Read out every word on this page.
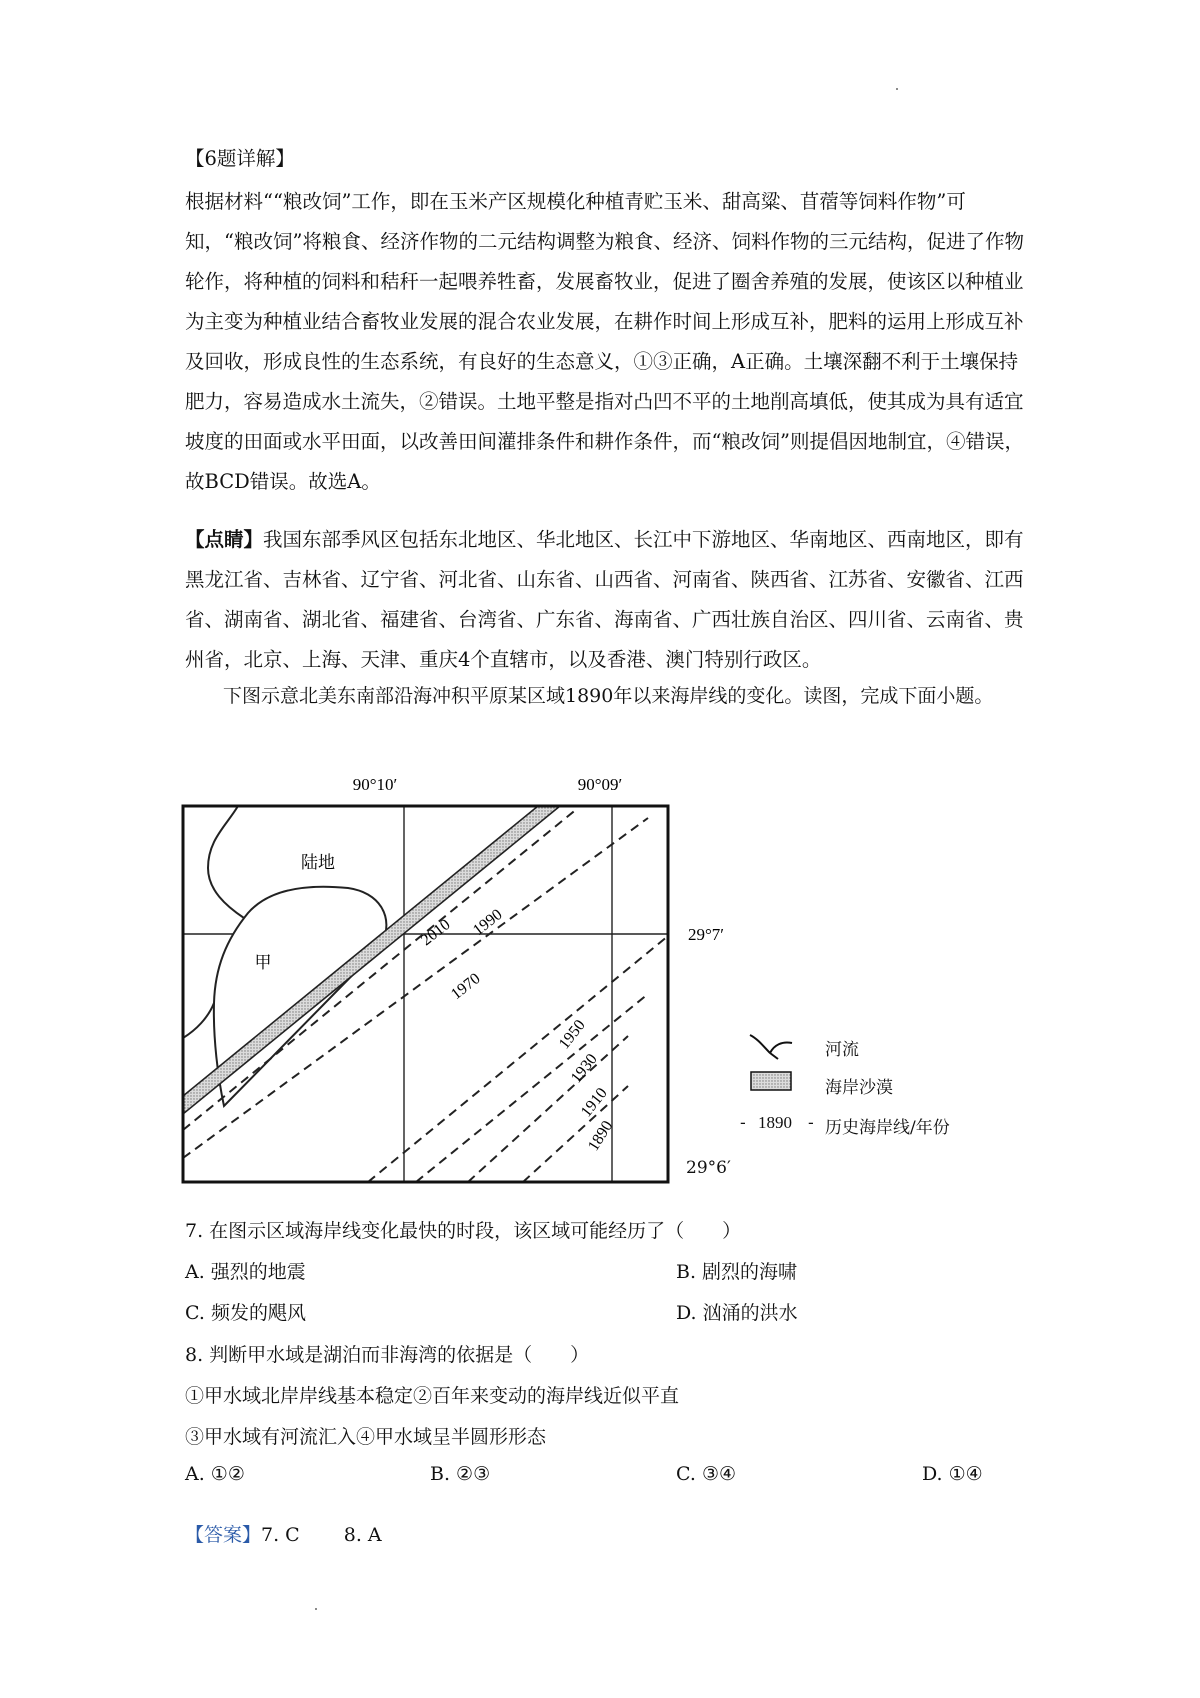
【6题详解】
根据材料““粮改饲”工作，即在玉米产区规模化种植青贮玉米、甜高粱、苜蓿等饲料作物”可知，“粮改饲”将粮食、经济作物的二元结构调整为粮食、经济、饲料作物的三元结构，促进了作物轮作，将种植的饲料和秸秆一起喂养牲畜，发展畜牧业，促进了圈舍养殖的发展，使该区以种植业为主变为种植业结合畜牧业发展的混合农业发展，在耕作时间上形成互补，肥料的运用上形成互补及回收，形成良性的生态系统，有良好的生态意义，①③正确，A正确。土壤深翻不利于土壤保持肥力，容易造成水土流失，②错误。土地平整是指对凸凹不平的土地削高填低，使其成为具有适宜坡度的田面或水平田面，以改善田间灌排条件和耕作条件，而“粮改饲”则提倡因地制宜，④错误，故BCD错误。故选A。
【点睛】我国东部季风区包括东北地区、华北地区、长江中下游地区、华南地区、西南地区，即有黑龙江省、吉林省、辽宁省、河北省、山东省、山西省、河南省、陕西省、江苏省、安徽省、江西省、湖南省、湖北省、福建省、台湾省、广东省、海南省、广西壮族自治区、四川省、云南省、贵州省，北京、上海、天津、重庆4个直辖市，以及香港、澳门特别行政区。
下图示意北美东南部沿海冲积平原某区域1890年以来海岸线的变化。读图，完成下面小题。
90°10′	90°09′
陆地
甲
2010 1990
1970
1950
1930
1910
1890
29°7′
29°6′
河流
海岸沙漠
- 1890 - 历史海岸线/年份
7. 在图示区域海岸线变化最快的时段，该区域可能经历了（　　）
A. 强烈的地震	B. 剧烈的海啸
C. 频发的飓风	D. 汹涌的洪水
8. 判断甲水域是湖泊而非海湾的依据是（　　）
①甲水域北岸岸线基本稳定②百年来变动的海岸线近似平直
③甲水域有河流汇入④甲水域呈半圆形形态
A. ①②	B. ②③	C. ③④	D. ①④
【答案】7. C 8. A
